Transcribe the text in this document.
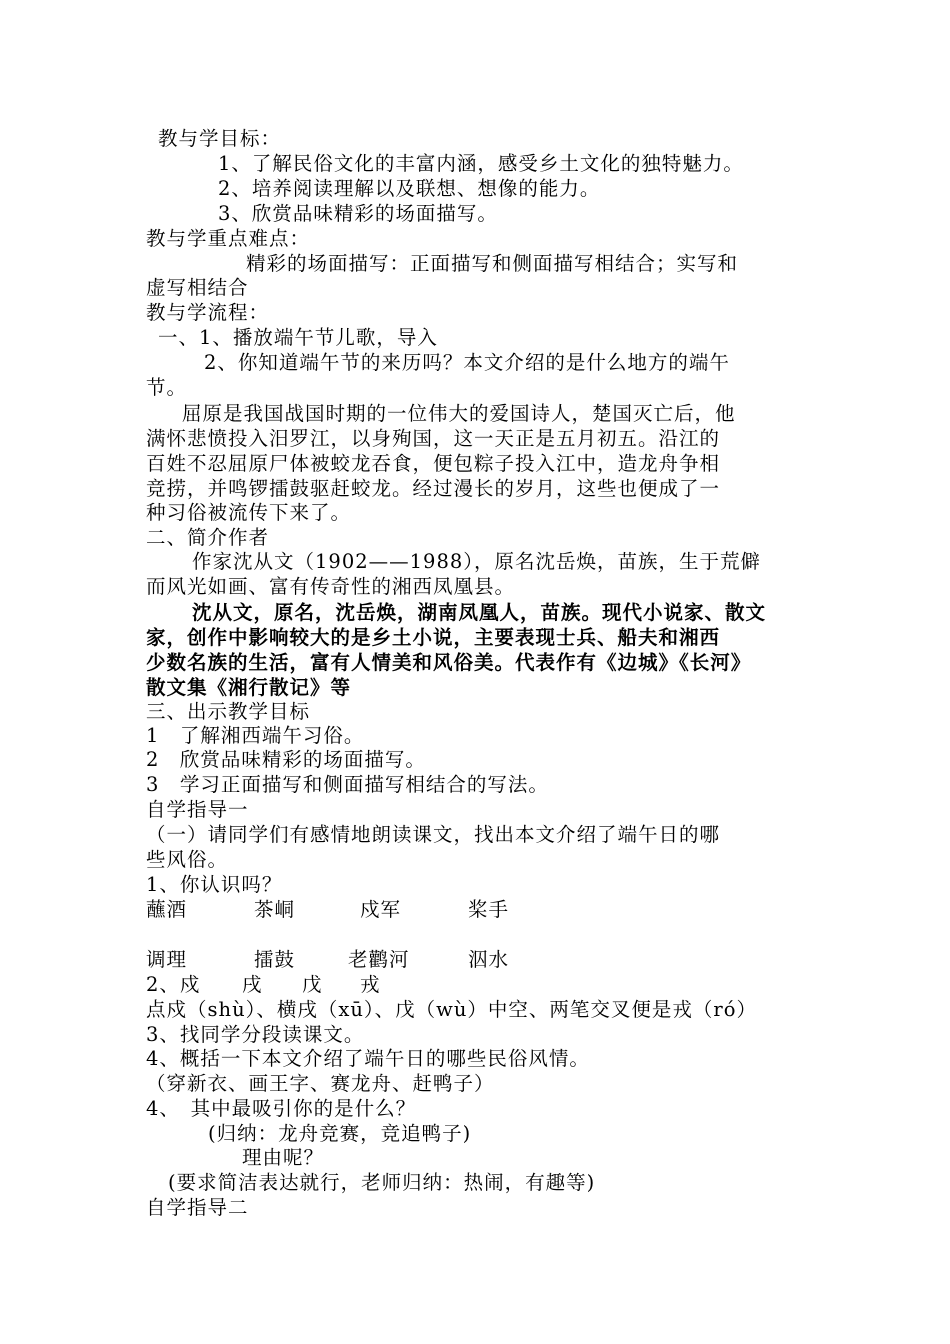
教与学目标：
1、了解民俗文化的丰富内涵，感受乡土文化的独特魅力。
2、培养阅读理解以及联想、想像的能力。
3、欣赏品味精彩的场面描写。
教与学重点难点：
精彩的场面描写：正面描写和侧面描写相结合；实写和
虚写相结合
教与学流程：
一、1、播放端午节儿歌，导入
2、你知道端午节的来历吗？本文介绍的是什么地方的端午
节。
屈原是我国战国时期的一位伟大的爱国诗人，楚国灭亡后，他
满怀悲愤投入汨罗江，以身殉国，这一天正是五月初五。沿江的
百姓不忍屈原尸体被蛟龙吞食，便包粽子投入江中，造龙舟争相
竞捞，并鸣锣擂鼓驱赶蛟龙。经过漫长的岁月，这些也便成了一
种习俗被流传下来了。
二、简介作者
作家沈从文（1902——1988），原名沈岳焕，苗族，生于荒僻
而风光如画、富有传奇性的湘西凤凰县。
沈从文，原名，沈岳焕，湖南凤凰人，苗族。现代小说家、散文
家，创作中影响较大的是乡土小说，主要表现士兵、船夫和湘西
少数名族的生活，富有人情美和风俗美。代表作有《边城》《长河》
散文集《湘行散记》等
三、出示教学目标
1　了解湘西端午习俗。
2　欣赏品味精彩的场面描写。
3　学习正面描写和侧面描写相结合的写法。
自学指导一
（一）请同学们有感情地朗读课文，找出本文介绍了端午日的哪
些风俗。
1、你认识吗？
蘸酒	茶峒	戍军	桨手
调理	擂鼓	老鹳河	泅水
2、戍 戌 戊 戎
点戍（shù）、横戌（xū）、戊（wù）中空、两笔交叉便是戎（ró）
3、找同学分段读课文。
4、概括一下本文介绍了端午日的哪些民俗风情。
（穿新衣、画王字、赛龙舟、赶鸭子）
4、　其中最吸引你的是什么？
(归纳：龙舟竞赛，竞追鸭子)
理由呢？
(要求简洁表达就行，老师归纳：热闹，有趣等)
自学指导二
